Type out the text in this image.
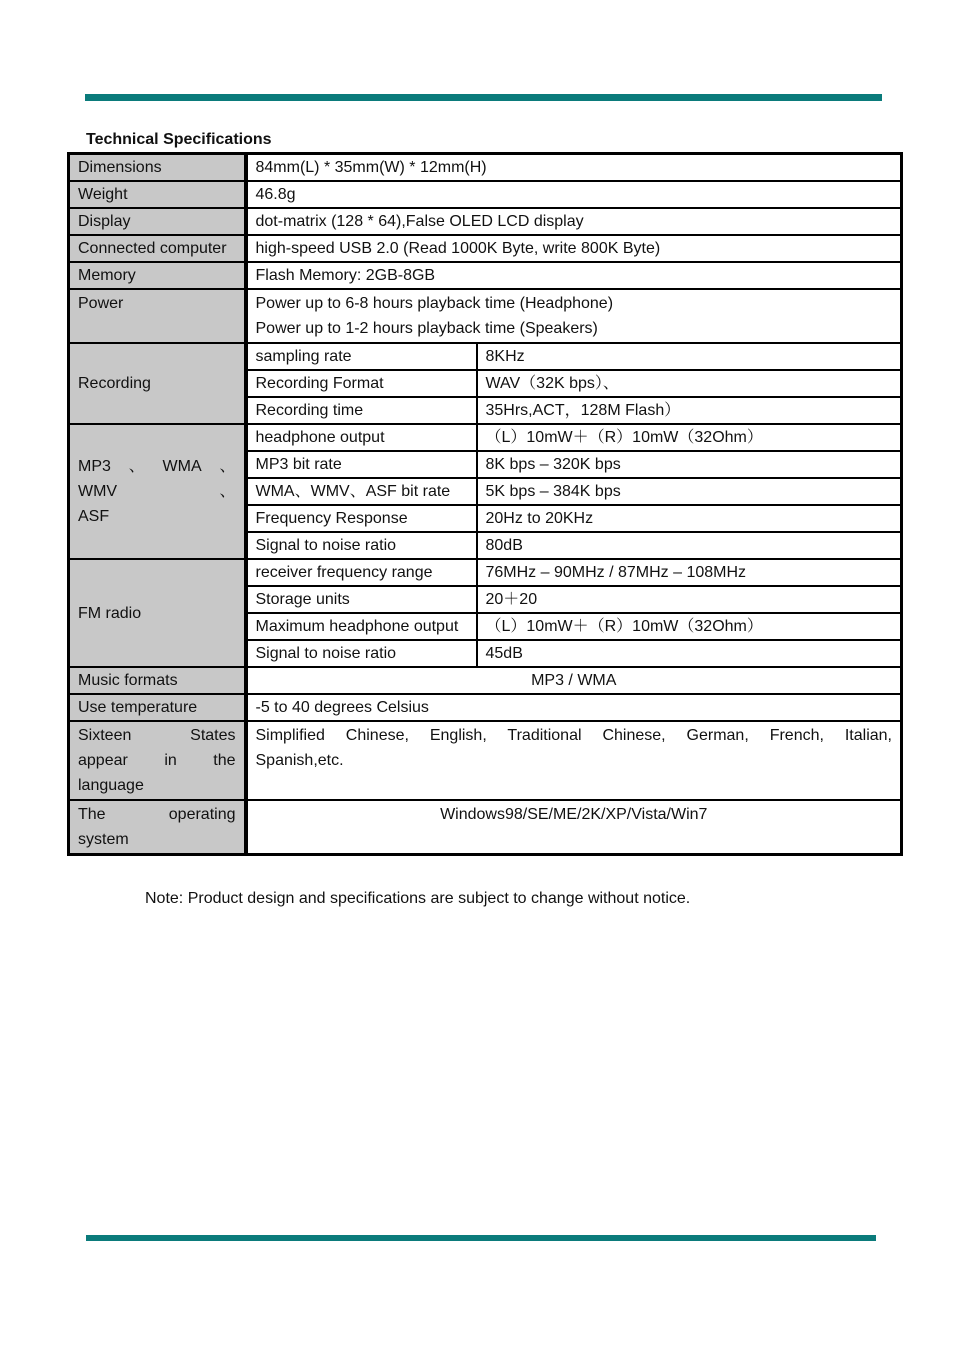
Technical Specifications
Dimensions	84mm(L) * 35mm(W) * 12mm(H)	
Weight	46.8g	
Display	dot-matrix (128 * 64),False OLED LCD display	
Connected computer	high-speed USB 2.0 (Read 1000K Byte, write 800K Byte)	
Memory	Flash Memory: 2GB-8GB	
Power	Power up to 6-8 hours playback time (Headphone)
Power up to 1-2 hours playback time (Speakers)	

Recording	sampling rate	8KHz
	Recording Format	WAV（32K bps）、
	Recording time	35Hrs,ACT，128M Flash）

MP3、WMA、WMV、
ASF	headphone output	（L）10mW＋（R）10mW（32Ohm）
	MP3 bit rate	8K bps – 320K bps
	WMA、WMV、ASF bit rate	5K bps – 384K bps
	Frequency Response	20Hz to 20KHz
	Signal to noise ratio	80dB
FM radio	receiver frequency range	76MHz – 90MHz / 87MHz – 108MHz
	Storage units	20＋20
	Maximum headphone output	（L）10mW＋（R）10mW（32Ohm）
	Signal to noise ratio	45dB
Music formats	MP3 / WMA	
Use temperature	-5 to 40 degrees Celsius	

Sixteen States
appear in the
language	Simplified Chinese, English, Traditional Chinese, German, French, Italian,
Spanish,etc.	

The operating
system	Windows98/SE/ME/2K/XP/Vista/Win7	
Note: Product design and specifications are subject to change without notice.
